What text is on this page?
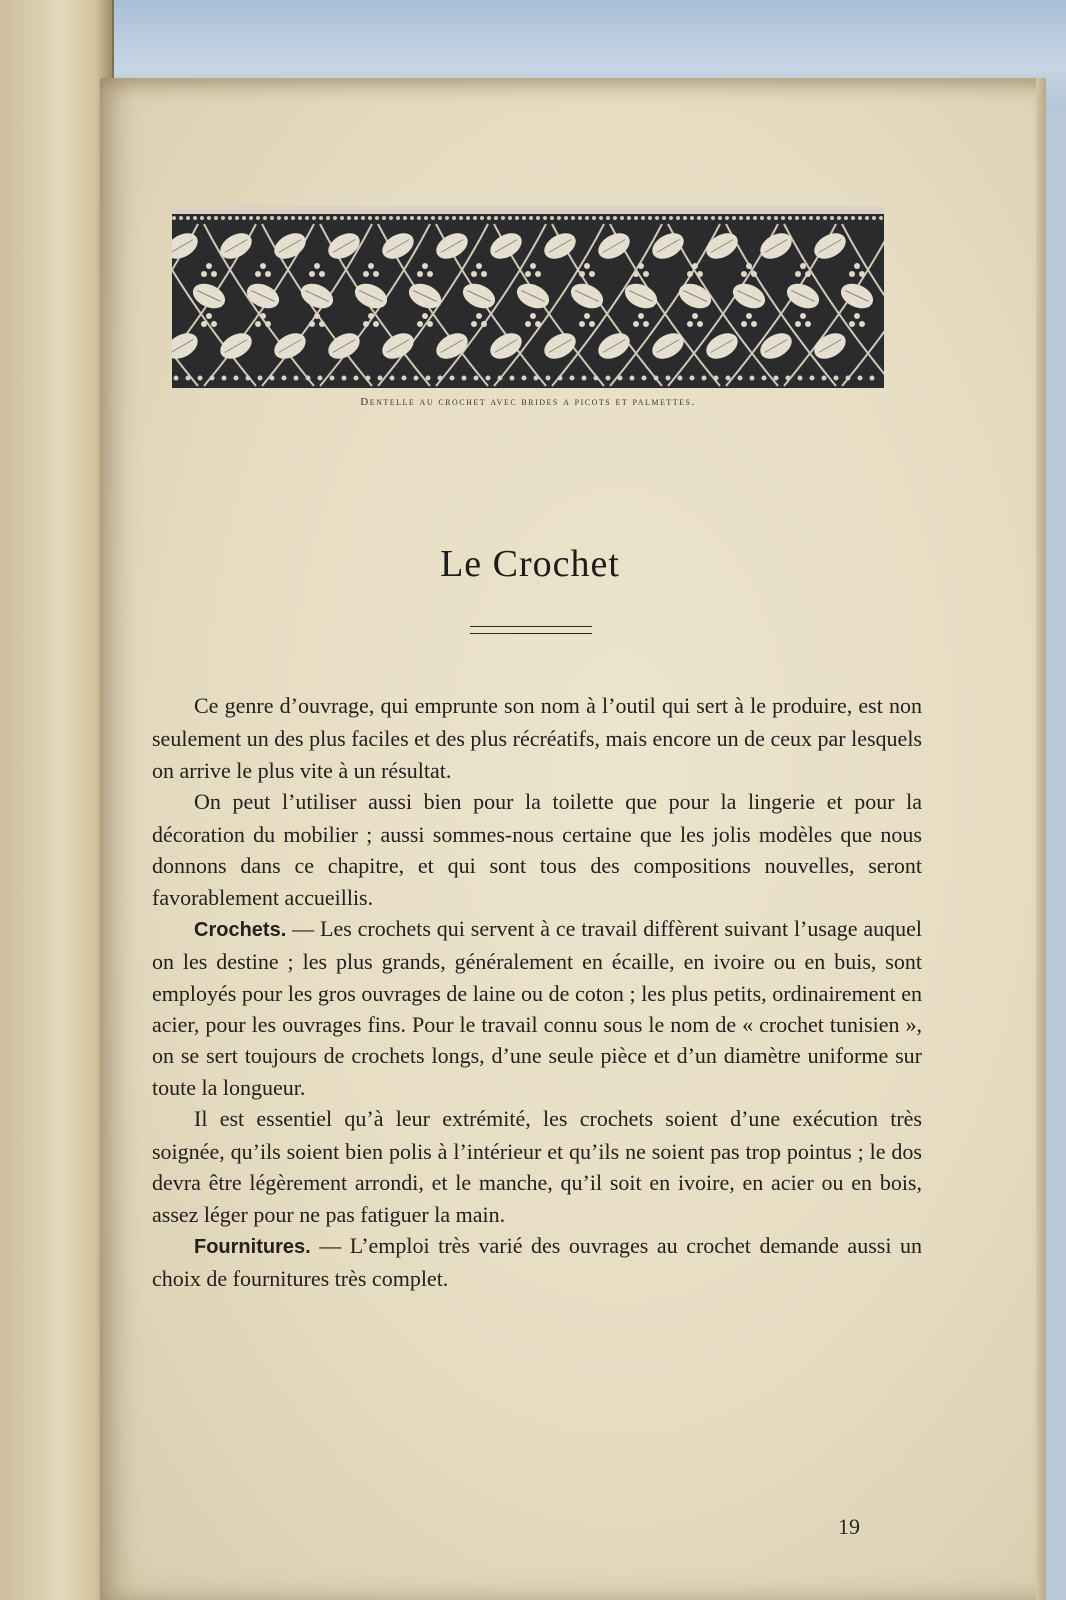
Dentelle au crochet avec brides a picots et palmettes.
Le Crochet

Ce genre d’ouvrage, qui emprunte son nom à l’outil qui sert à le produire, est non seulement un des plus faciles et des plus récréatifs, mais encore un de ceux par lesquels on arrive le plus vite à un résultat.

On peut l’utiliser aussi bien pour la toilette que pour la lingerie et pour la décoration du mobilier ; aussi sommes-nous certaine que les jolis modèles que nous donnons dans ce chapitre, et qui sont tous des compositions nouvelles, seront favorablement accueillis.

Crochets. — Les crochets qui servent à ce travail diffèrent suivant l’usage auquel on les destine ; les plus grands, généralement en écaille, en ivoire ou en buis, sont employés pour les gros ouvrages de laine ou de coton ; les plus petits, ordinairement en acier, pour les ouvrages fins. Pour le travail connu sous le nom de « crochet tunisien », on se sert toujours de crochets longs, d’une seule pièce et d’un diamètre uniforme sur toute la longueur.

Il est essentiel qu’à leur extrémité, les crochets soient d’une exécution très soignée, qu’ils soient bien polis à l’intérieur et qu’ils ne soient pas trop pointus ; le dos devra être légèrement arrondi, et le manche, qu’il soit en ivoire, en acier ou en bois, assez léger pour ne pas fatiguer la main.

Fournitures. — L’emploi très varié des ouvrages au crochet demande aussi un choix de fournitures très complet.

19
